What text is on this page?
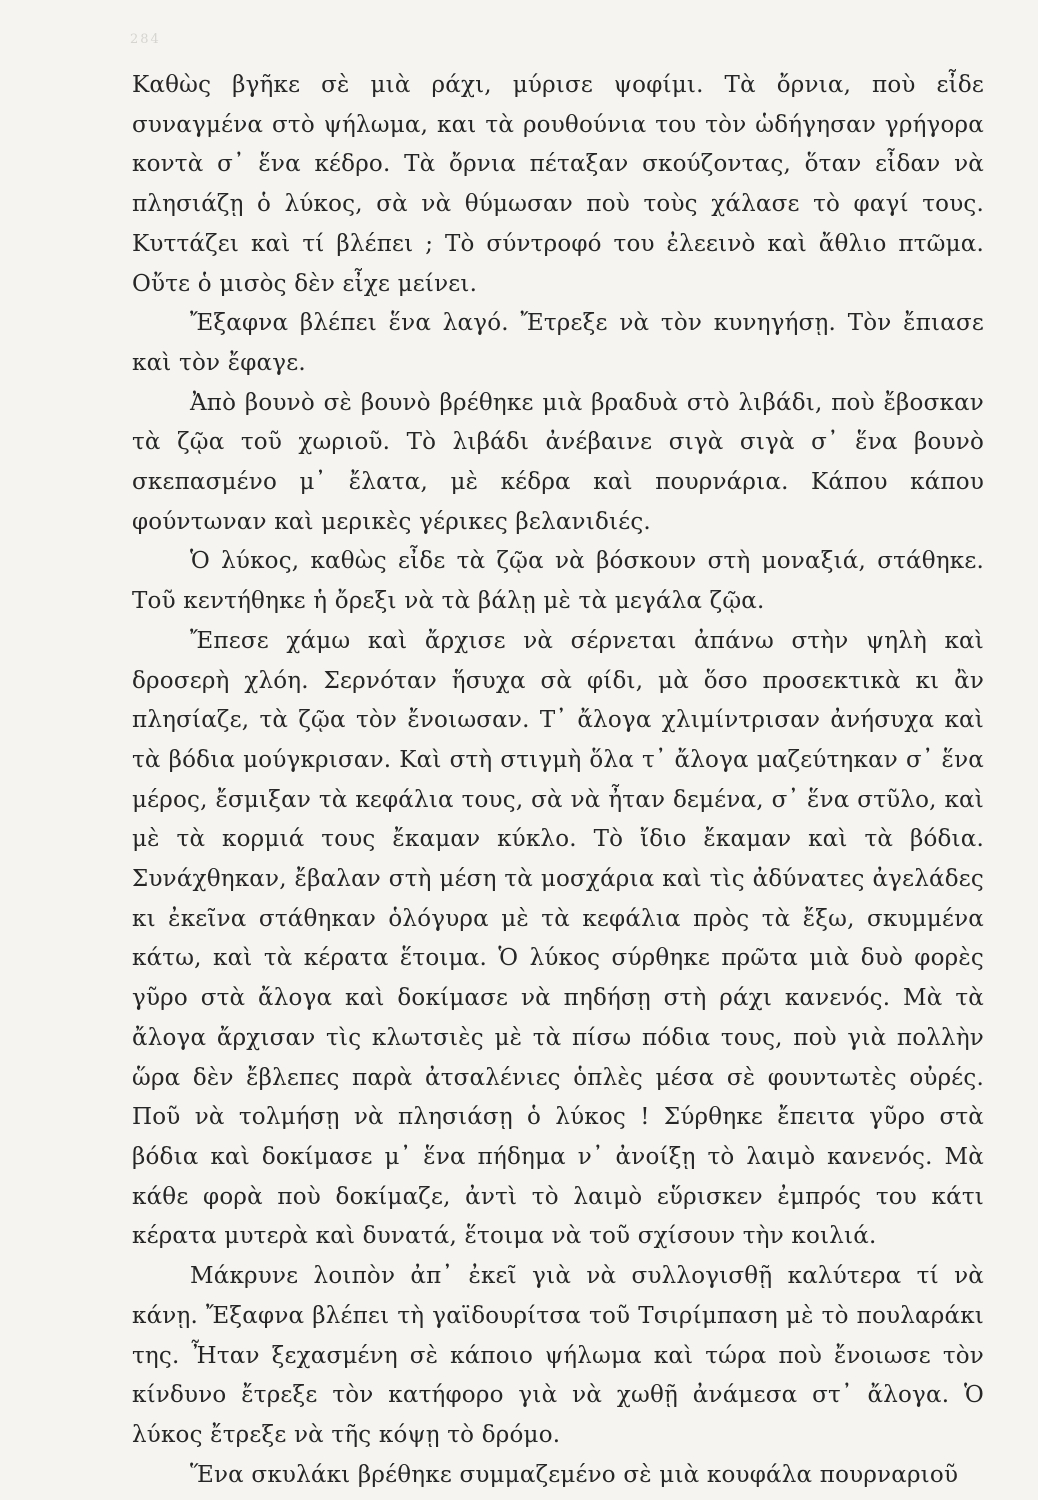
284

Καθὼς βγῆκε σὲ μιὰ ράχι, μύρισε ψοφίμι. Τὰ ὄρνια, ποὺ εἶδε συναγμένα στὸ ψήλωμα, και τὰ ρουθούνια του τὸν ὡδήγησαν γρήγορα κοντὰ σ᾽ ἕνα κέδρο. Τὰ ὄρνια πέταξαν σκούζοντας, ὅταν εἶδαν νὰ πλησιάζῃ ὁ λύκος, σὰ νὰ θύμωσαν ποὺ τοὺς χάλασε τὸ φαγί τους. Κυττάζει καὶ τί βλέπει ; Τὸ σύντροφό του ἐλεεινὸ καὶ ἄθλιο πτῶμα. Οὔτε ὁ μισὸς δὲν εἶχε μείνει.

Ἔξαφνα βλέπει ἕνα λαγό. Ἔτρεξε νὰ τὸν κυνηγήσῃ. Τὸν ἔπιασε καὶ τὸν ἔφαγε.

Ἀπὸ βουνὸ σὲ βουνὸ βρέθηκε μιὰ βραδυὰ στὸ λιβάδι, ποὺ ἔβοσκαν τὰ ζῷα τοῦ χωριοῦ. Τὸ λιβάδι ἀνέβαινε σιγὰ σιγὰ σ᾽ ἕνα βουνὸ σκεπασμένο μ᾽ ἔλατα, μὲ κέδρα καὶ πουρνάρια. Κάπου κάπου φούντωναν καὶ μερικὲς γέρικες βελανιδιές.

Ὁ λύκος, καθὼς εἶδε τὰ ζῷα νὰ βόσκουν στὴ μοναξιά, στάθηκε. Τοῦ κεντήθηκε ἡ ὄρεξι νὰ τὰ βάλῃ μὲ τὰ μεγάλα ζῷα.

Ἔπεσε χάμω καὶ ἄρχισε νὰ σέρνεται ἀπάνω στὴν ψηλὴ καὶ δροσερὴ χλόη. Σερνόταν ἥσυχα σὰ φίδι, μὰ ὅσο προσεκτικὰ κι ἂν πλησίαζε, τὰ ζῷα τὸν ἔνοιωσαν. Τ᾽ ἄλογα χλιμίντρισαν ἀνήσυχα καὶ τὰ βόδια μούγκρισαν. Καὶ στὴ στιγμὴ ὅλα τ᾽ ἄλογα μαζεύτηκαν σ᾽ ἕνα μέρος, ἔσμιξαν τὰ κεφάλια τους, σὰ νὰ ἦταν δεμένα, σ᾽ ἕνα στῦλο, καὶ μὲ τὰ κορμιά τους ἔκαμαν κύκλο. Τὸ ἴδιο ἔκαμαν καὶ τὰ βόδια. Συνάχθηκαν, ἔβαλαν στὴ μέση τὰ μοσχάρια καὶ τὶς ἀδύνατες ἀγελάδες κι ἐκεῖνα στάθηκαν ὁλόγυρα μὲ τὰ κεφάλια πρὸς τὰ ἔξω, σκυμμένα κάτω, καὶ τὰ κέρατα ἕτοιμα. Ὁ λύκος σύρθηκε πρῶτα μιὰ δυὸ φορὲς γῦρο στὰ ἄλογα καὶ δοκίμασε νὰ πηδήσῃ στὴ ράχι κανενός. Μὰ τὰ ἄλογα ἄρχισαν τὶς κλωτσιὲς μὲ τὰ πίσω πόδια τους, ποὺ γιὰ πολλὴν ὥρα δὲν ἔβλεπες παρὰ ἀτσαλένιες ὁπλὲς μέσα σὲ φουντωτὲς οὐρές. Ποῦ νὰ τολμήσῃ νὰ πλησιάσῃ ὁ λύκος ! Σύρθηκε ἔπειτα γῦρο στὰ βόδια καὶ δοκίμασε μ᾽ ἕνα πήδημα ν᾽ ἀνοίξῃ τὸ λαιμὸ κανενός. Μὰ κάθε φορὰ ποὺ δοκίμαζε, ἀντὶ τὸ λαιμὸ εὕρισκεν ἐμπρός του κάτι κέρατα μυτερὰ καὶ δυνατά, ἕτοιμα νὰ τοῦ σχίσουν τὴν κοιλιά.

Μάκρυνε λοιπὸν ἀπ᾽ ἐκεῖ γιὰ νὰ συλλογισθῇ καλύτερα τί νὰ κάνῃ. Ἔξαφνα βλέπει τὴ γαϊδουρίτσα τοῦ Τσιρίμπαση μὲ τὸ πουλαράκι της. Ἦταν ξεχασμένη σὲ κάποιο ψήλωμα καὶ τώρα ποὺ ἔνοιωσε τὸν κίνδυνο ἔτρεξε τὸν κατήφορο γιὰ νὰ χωθῇ ἀνάμεσα στ᾽ ἄλογα. Ὁ λύκος ἔτρεξε νὰ τῆς κόψῃ τὸ δρόμο.

Ἕνα σκυλάκι βρέθηκε συμμαζεμένο σὲ μιὰ κουφάλα πουρναριοῦ
